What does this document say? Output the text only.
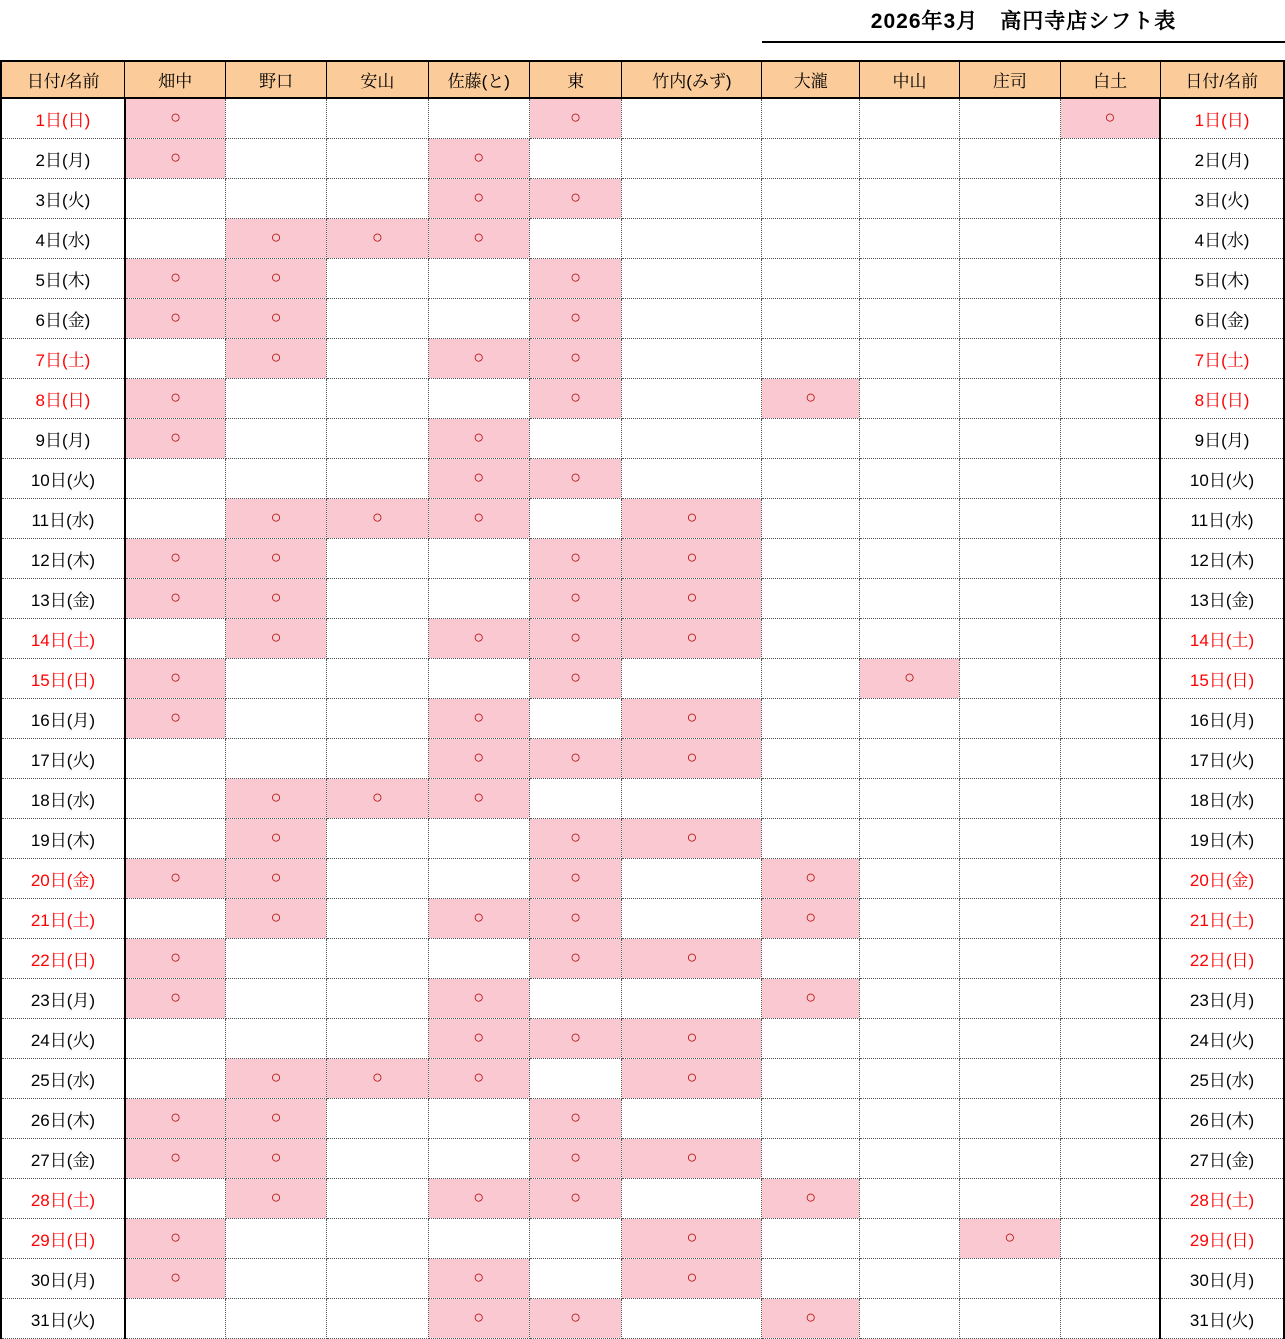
2026年3月　高円寺店シフト表
日付/名前	畑中	野口	安山	佐藤(と)	東	竹内(みず)	大瀧	中山	庄司	白土	日付/名前
1日(日)	○				○					○	1日(日)
2日(月)	○			○							2日(月)
3日(火)				○	○						3日(火)
4日(水)		○	○	○							4日(水)
5日(木)	○	○			○						5日(木)
6日(金)	○	○			○						6日(金)
7日(土)		○		○	○						7日(土)
8日(日)	○				○		○				8日(日)
9日(月)	○			○							9日(月)
10日(火)				○	○						10日(火)
11日(水)		○	○	○		○					11日(水)
12日(木)	○	○			○	○					12日(木)
13日(金)	○	○			○	○					13日(金)
14日(土)		○		○	○	○					14日(土)
15日(日)	○				○			○			15日(日)
16日(月)	○			○		○					16日(月)
17日(火)				○	○	○					17日(火)
18日(水)		○	○	○							18日(水)
19日(木)		○			○	○					19日(木)
20日(金)	○	○			○		○				20日(金)
21日(土)		○		○	○		○				21日(土)
22日(日)	○				○	○					22日(日)
23日(月)	○			○			○				23日(月)
24日(火)				○	○	○					24日(火)
25日(水)		○	○	○		○					25日(水)
26日(木)	○	○			○						26日(木)
27日(金)	○	○			○	○					27日(金)
28日(土)		○		○	○		○				28日(土)
29日(日)	○					○			○		29日(日)
30日(月)	○			○		○					30日(月)
31日(火)				○	○		○				31日(火)
